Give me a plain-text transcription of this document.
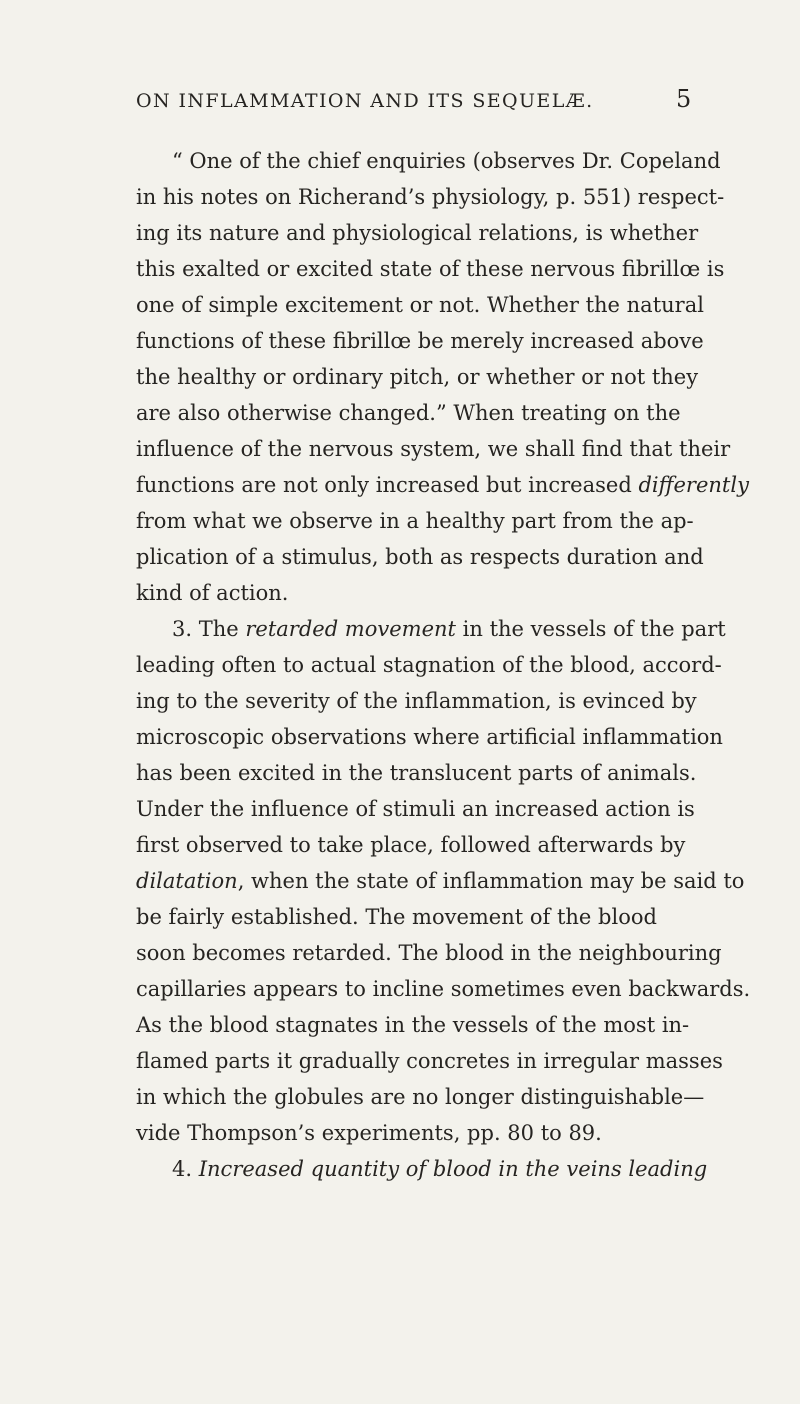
ON INFLAMMATION AND ITS SEQUELÆ.	5
“ One of the chief enquiries (observes Dr. Copeland
in his notes on Richerand’s physiology, p. 551) respect-
ing its nature and physiological relations, is whether
this exalted or excited state of these nervous fibrillœ is
one of simple excitement or not. Whether the natural
functions of these fibrillœ be merely increased above
the healthy or ordinary pitch, or whether or not they
are also otherwise changed.” When treating on the
influence of the nervous system, we shall find that their
functions are not only increased but increased differently
from what we observe in a healthy part from the ap-
plication of a stimulus, both as respects duration and
kind of action.
3. The retarded movement in the vessels of the part
leading often to actual stagnation of the blood, accord-
ing to the severity of the inflammation, is evinced by
microscopic observations where artificial inflammation
has been excited in the translucent parts of animals.
Under the influence of stimuli an increased action is
first observed to take place, followed afterwards by
dilatation, when the state of inflammation may be said to
be fairly established. The movement of the blood
soon becomes retarded. The blood in the neighbouring
capillaries appears to incline sometimes even backwards.
As the blood stagnates in the vessels of the most in-
flamed parts it gradually concretes in irregular masses
in which the globules are no longer distinguishable—
vide Thompson’s experiments, pp. 80 to 89.
4. Increased quantity of blood in the veins leading
